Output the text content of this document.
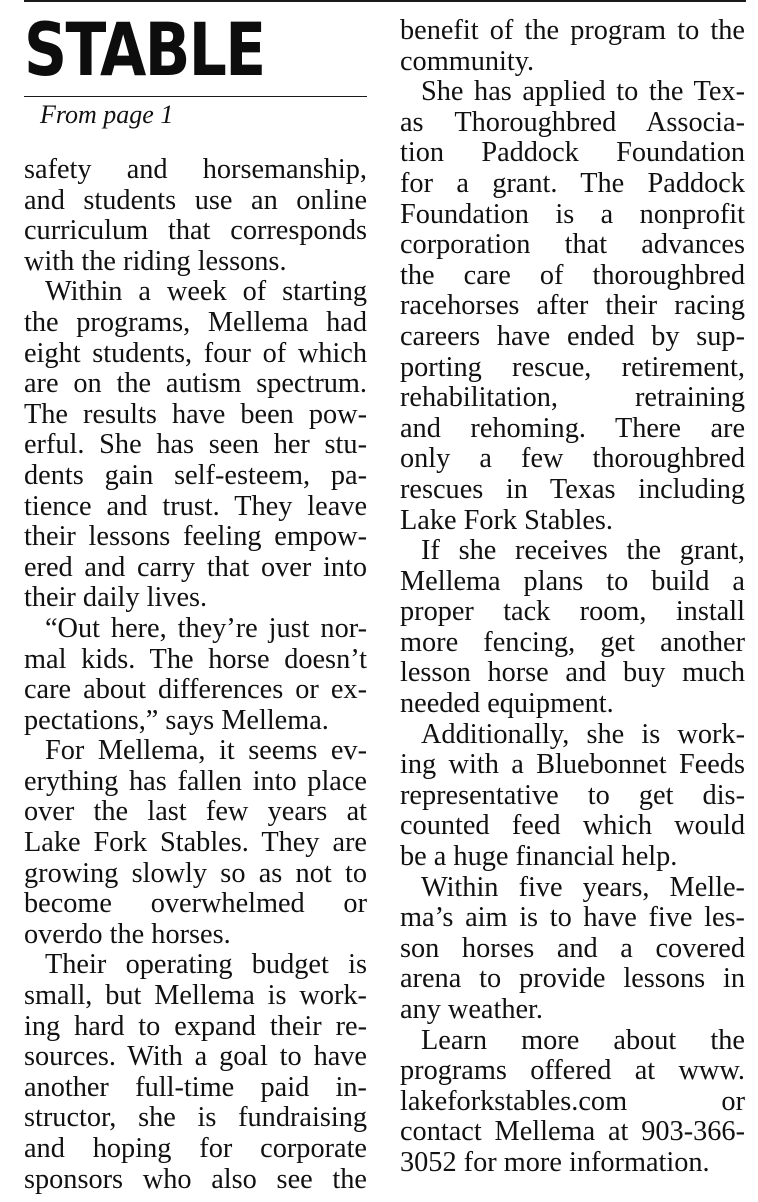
STABLE
From page 1
safety and horsemanship,
and students use an online
curriculum that corresponds
with the riding lessons.
Within a week of starting
the programs, Mellema had
eight students, four of which
are on the autism spectrum.
The results have been pow-
erful. She has seen her stu-
dents gain self-esteem, pa-
tience and trust. They leave
their lessons feeling empow-
ered and carry that over into
their daily lives.
“Out here, they’re just nor-
mal kids. The horse doesn’t
care about differences or ex-
pectations,” says Mellema.
For Mellema, it seems ev-
erything has fallen into place
over the last few years at
Lake Fork Stables. They are
growing slowly so as not to
become overwhelmed or
overdo the horses.
Their operating budget is
small, but Mellema is work-
ing hard to expand their re-
sources. With a goal to have
another full-time paid in-
structor, she is fundraising
and hoping for corporate
sponsors who also see the
benefit of the program to the
community.
She has applied to the Tex-
as Thoroughbred Associa-
tion Paddock Foundation
for a grant. The Paddock
Foundation is a nonprofit
corporation that advances
the care of thoroughbred
racehorses after their racing
careers have ended by sup-
porting rescue, retirement,
rehabilitation, retraining
and rehoming. There are
only a few thoroughbred
rescues in Texas including
Lake Fork Stables.
If she receives the grant,
Mellema plans to build a
proper tack room, install
more fencing, get another
lesson horse and buy much
needed equipment.
Additionally, she is work-
ing with a Bluebonnet Feeds
representative to get dis-
counted feed which would
be a huge financial help.
Within five years, Melle-
ma’s aim is to have five les-
son horses and a covered
arena to provide lessons in
any weather.
Learn more about the
programs offered at www.
lakeforkstables.com or
contact Mellema at 903-366-
3052 for more information.
